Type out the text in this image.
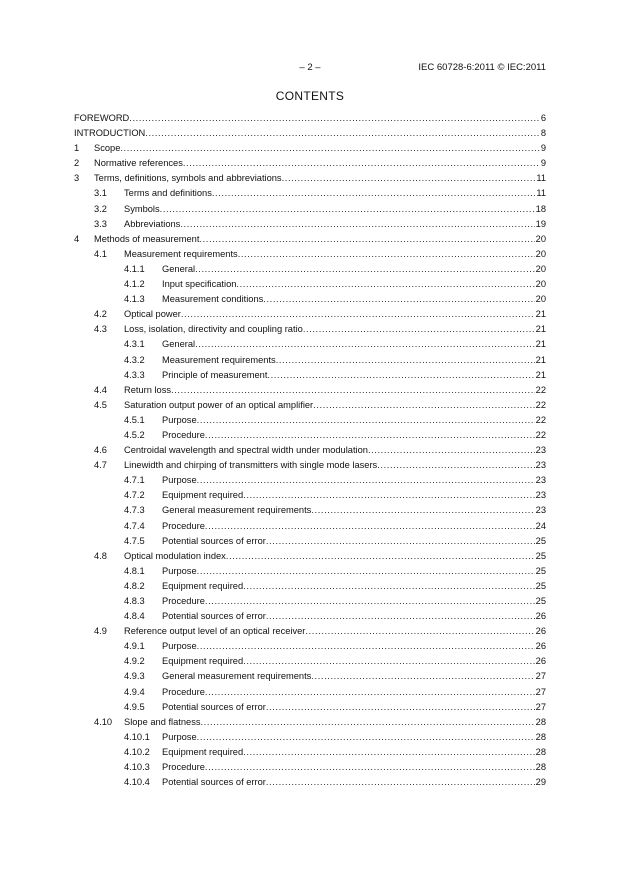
– 2 –	IEC 60728-6:2011 © IEC:2011
CONTENTS
FOREWORD .....	6
INTRODUCTION .....	8
1 Scope .....	9
2 Normative references .....	9
3 Terms, definitions, symbols and abbreviations .....	11
3.1 Terms and definitions .....	11
3.2 Symbols .....	18
3.3 Abbreviations .....	19
4 Methods of measurement .....	20
4.1 Measurement requirements .....	20
4.1.1 General .....	20
4.1.2 Input specification .....	20
4.1.3 Measurement conditions .....	20
4.2 Optical power .....	21
4.3 Loss, isolation, directivity and coupling ratio .....	21
4.3.1 General .....	21
4.3.2 Measurement requirements .....	21
4.3.3 Principle of measurement .....	21
4.4 Return loss .....	22
4.5 Saturation output power of an optical amplifier .....	22
4.5.1 Purpose .....	22
4.5.2 Procedure .....	22
4.6 Centroidal wavelength and spectral width under modulation .....	23
4.7 Linewidth and chirping of transmitters with single mode lasers .....	23
4.7.1 Purpose .....	23
4.7.2 Equipment required .....	23
4.7.3 General measurement requirements .....	23
4.7.4 Procedure .....	24
4.7.5 Potential sources of error .....	25
4.8 Optical modulation index .....	25
4.8.1 Purpose .....	25
4.8.2 Equipment required .....	25
4.8.3 Procedure .....	25
4.8.4 Potential sources of error .....	26
4.9 Reference output level of an optical receiver .....	26
4.9.1 Purpose .....	26
4.9.2 Equipment required .....	26
4.9.3 General measurement requirements .....	27
4.9.4 Procedure .....	27
4.9.5 Potential sources of error .....	27
4.10 Slope and flatness .....	28
4.10.1 Purpose .....	28
4.10.2 Equipment required .....	28
4.10.3 Procedure .....	28
4.10.4 Potential sources of error .....	29
